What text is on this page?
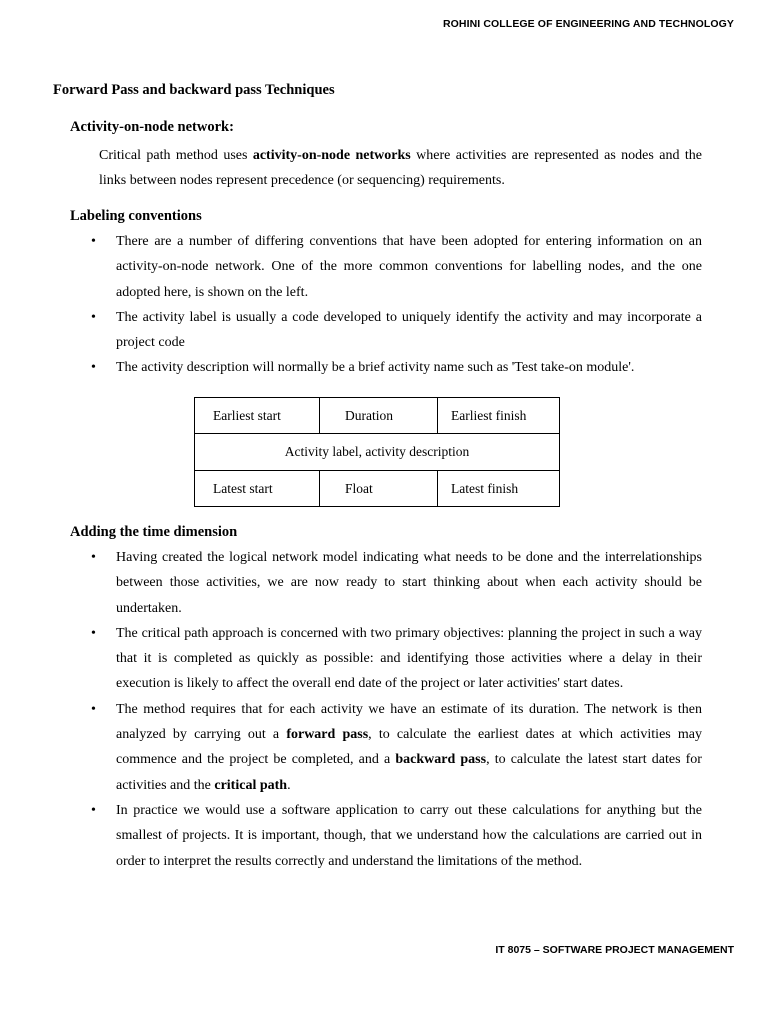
ROHINI COLLEGE OF ENGINEERING AND TECHNOLOGY
Forward Pass and backward pass Techniques
Activity-on-node network:
Critical path method uses activity-on-node networks where activities are represented as nodes and the links between nodes represent precedence (or sequencing) requirements.
Labeling conventions
• There are a number of differing conventions that have been adopted for entering information on an activity-on-node network. One of the more common conventions for labelling nodes, and the one adopted here, is shown on the left.
• The activity label is usually a code developed to uniquely identify the activity and may incorporate a project code
• The activity description will normally be a brief activity name such as 'Test take-on module'.
Earliest start	Duration	Earliest finish
Activity label, activity description		
Latest start	Float	Latest finish
Adding the time dimension
• Having created the logical network model indicating what needs to be done and the interrelationships between those activities, we are now ready to start thinking about when each activity should be undertaken.
• The critical path approach is concerned with two primary objectives: planning the project in such a way that it is completed as quickly as possible: and identifying those activities where a delay in their execution is likely to affect the overall end date of the project or later activities' start dates.
• The method requires that for each activity we have an estimate of its duration. The network is then analyzed by carrying out a forward pass, to calculate the earliest dates at which activities may commence and the project be completed, and a backward pass, to calculate the latest start dates for activities and the critical path.
• In practice we would use a software application to carry out these calculations for anything but the smallest of projects. It is important, though, that we understand how the calculations are carried out in order to interpret the results correctly and understand the limitations of the method.
IT 8075 – SOFTWARE PROJECT MANAGEMENT
